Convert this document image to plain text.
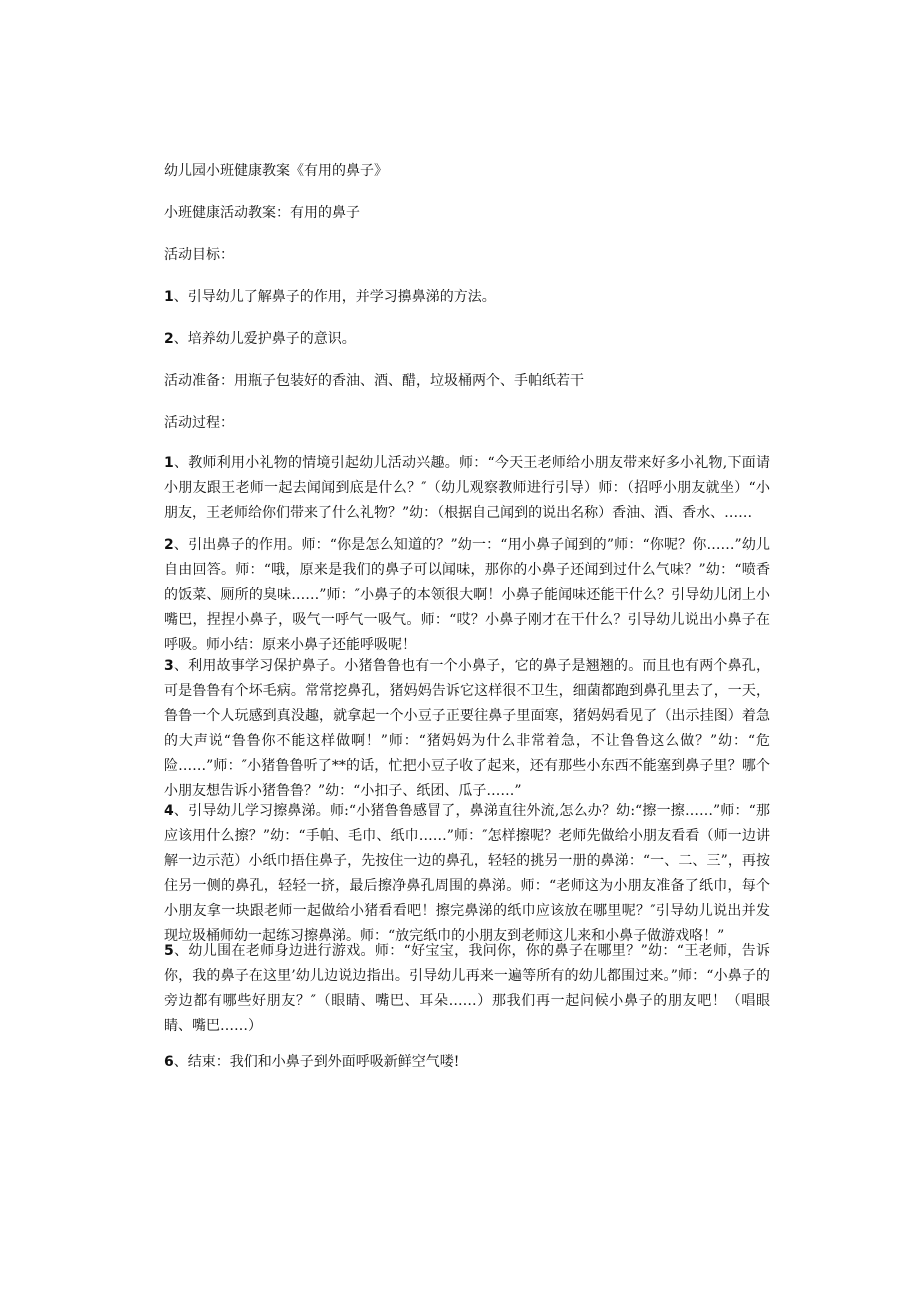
幼儿园小班健康教案《有用的鼻子》
小班健康活动教案：有用的鼻子
活动目标：
1、引导幼儿了解鼻子的作用，并学习擤鼻涕的方法。
2、培养幼儿爱护鼻子的意识。
活动准备：用瓶子包装好的香油、酒、醋，垃圾桶两个、手帕纸若干
活动过程：
1、教师利用小礼物的情境引起幼儿活动兴趣。师：“今天王老师给小朋友带来好多小礼物,下面请小朋友跟王老师一起去闻闻到底是什么？″（幼儿观察教师进行引导）师：（招呼小朋友就坐）“小朋友，王老师给你们带来了什么礼物？”幼：（根据自己闻到的说出名称）香油、酒、香水、……
2、引出鼻子的作用。师：“你是怎么知道的？”幼一：“用小鼻子闻到的”师：“你呢？你……”幼儿自由回答。师：“哦，原来是我们的鼻子可以闻味，那你的小鼻子还闻到过什么气味？”幼：“喷香的饭菜、厕所的臭味……”师：″小鼻子的本领很大啊！小鼻子能闻味还能干什么？引导幼儿闭上小嘴巴，捏捏小鼻子，吸气一呼气一吸气。师：“哎？小鼻子刚才在干什么？引导幼儿说出小鼻子在呼吸。师小结：原来小鼻子还能呼吸呢！
3、利用故事学习保护鼻子。小猪鲁鲁也有一个小鼻子，它的鼻子是翘翘的。而且也有两个鼻孔，可是鲁鲁有个坏毛病。常常挖鼻孔，猪妈妈告诉它这样很不卫生，细菌都跑到鼻孔里去了，一天，鲁鲁一个人玩感到真没趣，就拿起一个小豆子正要往鼻子里面寒，猪妈妈看见了（出示挂图）着急的大声说“鲁鲁你不能这样做啊！”师：“猪妈妈为什么非常着急，不让鲁鲁这么做？”幼：“危险……”师：″小猪鲁鲁听了**的话，忙把小豆子收了起来，还有那些小东西不能塞到鼻子里？哪个小朋友想告诉小猪鲁鲁？”幼：“小扣子、纸团、瓜子……”
4、引导幼儿学习擦鼻涕。师:“小猪鲁鲁感冒了，鼻涕直往外流,怎么办？幼:“擦一擦……”师：“那应该用什么擦？”幼：“手帕、毛巾、纸巾……”师：″怎样擦呢？老师先做给小朋友看看（师一边讲解一边示范）小纸巾捂住鼻子，先按住一边的鼻孔，轻轻的挑另一册的鼻涕：“一、二、三”，再按住另一侧的鼻孔，轻轻一挤，最后擦净鼻孔周围的鼻涕。师：“老师这为小朋友准备了纸巾，每个小朋友拿一块跟老师一起做给小猪看看吧！擦完鼻涕的纸巾应该放在哪里呢？″引导幼儿说出并发现垃圾桶师幼一起练习擦鼻涕。师：“放完纸巾的小朋友到老师这儿来和小鼻子做游戏咯！”
5、幼儿围在老师身边进行游戏。师：“好宝宝，我问你，你的鼻子在哪里？”幼：“王老师，告诉你，我的鼻子在这里’幼儿边说边指出。引导幼儿再来一遍等所有的幼儿都围过来。”师：“小鼻子的旁边都有哪些好朋友？″（眼睛、嘴巴、耳朵……）那我们再一起问候小鼻子的朋友吧！（唱眼睛、嘴巴……）
6、结束：我们和小鼻子到外面呼吸新鲜空气喽!
